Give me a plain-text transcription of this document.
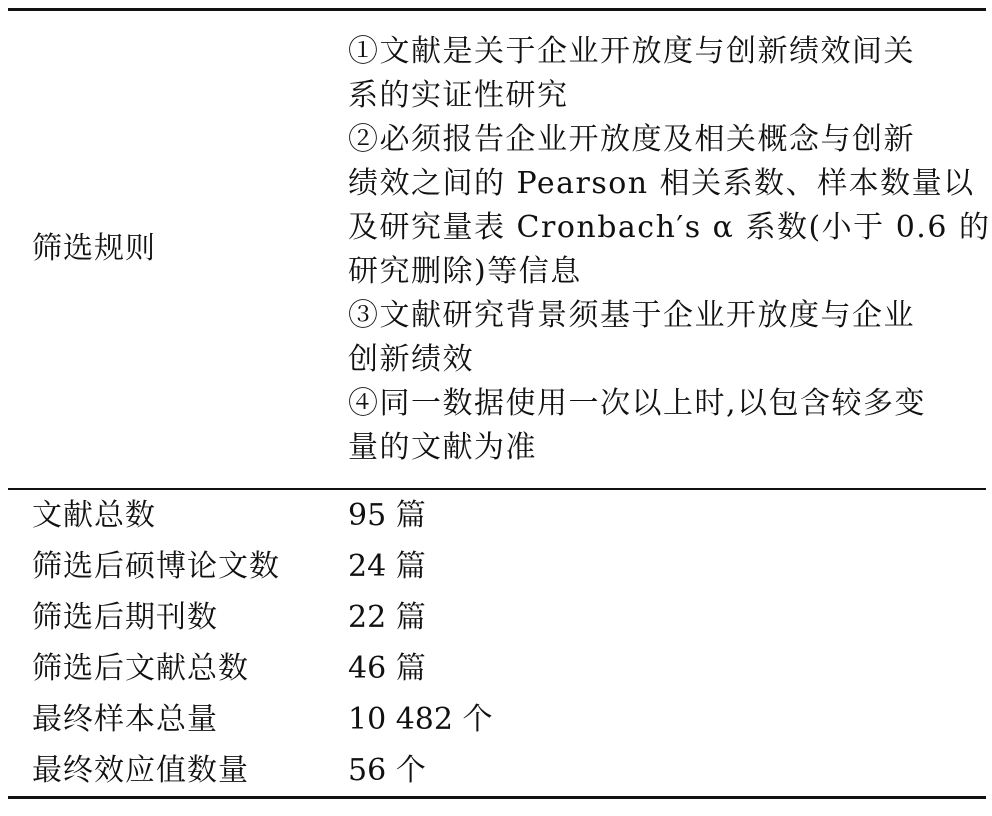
筛选规则
①文献是关于企业开放度与创新绩效间关
系的实证性研究
②必须报告企业开放度及相关概念与创新
绩效之间的 Pearson 相关系数、样本数量以
及研究量表 Cronbach′s α 系数(小于 0.6 的
研究删除)等信息
③文献研究背景须基于企业开放度与企业
创新绩效
④同一数据使用一次以上时,以包含较多变
量的文献为准
文献总数	95 篇
筛选后硕博论文数 24 篇
筛选后期刊数	22 篇
筛选后文献总数	46 篇
最终样本总量	10 482 个
最终效应值数量	56 个
